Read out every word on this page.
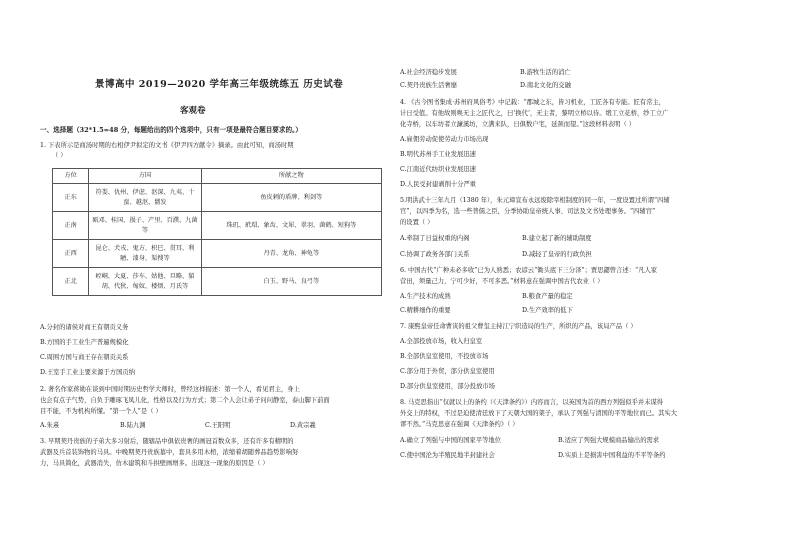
景博高中 2019—2020 学年高三年级统练五 历史试卷
客观卷
一、选择题（32*1.5=48 分，每题给出的四个选项中，只有一项是最符合题目要求的。）
1. 下表所示是商汤时期的右相伊尹拟定的文书《伊尹四方献令》摘录。由此可知，商汤时期
（ ）
方位	方国	所献之物
正东	符娄、仇州、伊虑、沤深、九夷、十蛮、越沤、鬋发	鱼皮刺的盾牌、利剑等
正南	瓯邓、桂国、损子、产里、百濮、九菌等	珠玑、玳瑁、象齿、文犀、翠羽、菌鹤、短狗等
正西	昆仑、犬戎、鬼方、枳巳、贯耳、利陋、漆身、渠搜等	丹青、龙角、神龟等
正北	崆峒、大夏、莎车、姑他、旦略、貊胡、代狄、匈奴、楼烦、月氏等	白玉、野马、良弓等
A.分封的诸侯对商王有朝贡义务
B.方国的手工业生产普遍规模化
C.周围方国与商王存在朝贡关系
D.王室手工业主要来源于方国贡纳
2. 著名作家蒋勋在谈到中国时期历史哲学大师时，曾经这样描述：第一个人，看见君主，身上
也会有点子气势，自负于雕琢飞凤儿化，性格以及行为方式；第二个人会让弟子问问静室，泰山脚下前面
目不能，不为机构所懂。“第一个人”是（ ）
A.朱熹	B.陆九渊	C.王阳明	D.黄宗羲
3. 早期契丹贵族的子弟大多习射后，随辖品中俱依贵奢的画冠首数众多，还有许多有精明的
武器及兵首装饰物的马具。中晚期契丹贵族墓中，套具多用木棺，浓缩着胡随葬品趋势影响努
力，马具简化，武器消失，仿木建筑和斗拱壁画增多。出现这一现象的原因是（ ）
A.社会经济稳步发展	B.游牧生活的消亡
C.契丹贵族生活奢靡	D.南北文化的交融
4. 《古今图书集成·苏州府风俗考》中记载：“郡城之东，皆习机业，工匠各有专能。匠有常主，
计日受值。有他故则唤无主之匠代之，曰‘换代’，无主者，黎明立桥以待。缎工立花桥，纱工立广
化寺桥，以车坊者立濂溪坊，立满来队，日俱数户宅，延颈而望。”这段材料表明（ ）
A.雇佣劳动促使劳动力市场出现
B.明代苏州手工业发展迅速
C.江南近代纺织业发展迅速
D.人民受封建剥削十分严重
5.明洪武十三年九月（1380 年），朱元璋宣布永远废除宰相制度的同一年，一度设置过所谓“四辅
官”，以四季为名，选一些普儒之臣，分季协助皇帝统人事、司法及文书处理事务。“四辅官”
的设置（ ）
A.牵制了日益权重的内阁	B.建立起了新的辅助制度
C.协调了政务各部门关系	D.减轻了皇帝的行政负担
6. 中国古代“广种未必多收”已为人熟悉；农谚云“锄头底下三分泽”；贾思勰曾言述：“凡人家
营田，须量己力，宁可少好，不可多恶。”材料意在强调中国古代农业（ ）
A.生产技术的成熟	B.粮食产量的稳定
C.精耕细作的重要	D.生产效率的低下
7. 康熙皇帝任命曹寅的祖父曹玺主持江宁织造局的生产，所织的产品，该局产品（ ）
A.全部投放市场，收入归皇室
B.全部供皇室使用，不投放市场
C.部分用于外贸，部分供皇室使用
D.部分供皇室使用，部分投放市场
8. 马克思指出“仅就以上的条约（《天津条约》）内容而言，以英国为首的西方列强似乎并未谋得
外交上的特权，不过是迫使清廷放下了天朝大国的架子，承认了列强与清国的平等地位而已。其实大
谬不然。”马克思意在强调《天津条约》（ ）
A.确立了列强与中国的国家平等地位	B.适应了列强大规模商品输出的需求
C.使中国沦为半殖民地半封建社会	D.实质上是损害中国利益的不平等条约
